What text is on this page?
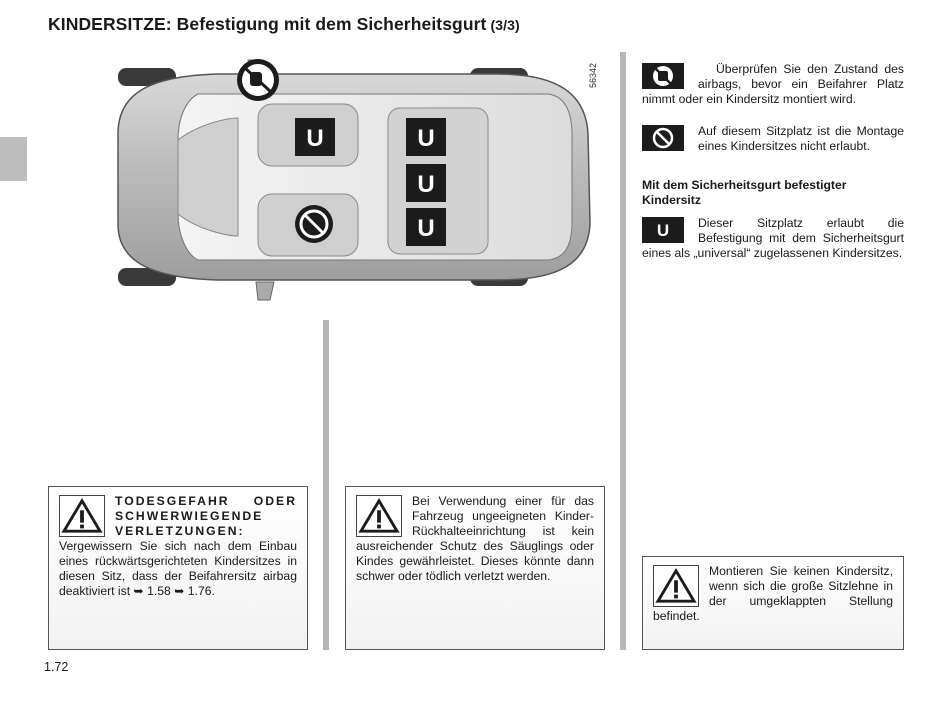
KINDERSITZE: Befestigung mit dem Sicherheitsgurt (3/3)
56342
U	U
U
U
Überprüfen Sie den Zustand des airbags, bevor ein Beifahrer Platz nimmt oder ein Kindersitz montiert wird.
Auf diesem Sitzplatz ist die Montage eines Kindersitzes nicht erlaubt.
Mit dem Sicherheitsgurt befestigter Kindersitz
U Dieser Sitzplatz erlaubt die Befestigung mit dem Sicherheitsgurt eines als „universal“ zugelassenen Kindersitzes.
TODESGEFAHR ODER SCHWERWIEGENDE VERLETZUNGEN: Vergewissern Sie sich nach dem Einbau eines rückwärtsgerichteten Kindersitzes in diesen Sitz, dass der Beifahrersitz airbag deaktiviert ist ➥ 1.58 ➥ 1.76.
Bei Verwendung einer für das Fahrzeug ungeeigneten Kinder-Rückhalteeinrichtung ist kein ausreichender Schutz des Säuglings oder Kindes gewährleistet. Dieses könnte dann schwer oder tödlich verletzt werden.	Montieren Sie keinen Kindersitz, wenn sich die große Sitzlehne in der umgeklappten Stellung befindet.
1.72
